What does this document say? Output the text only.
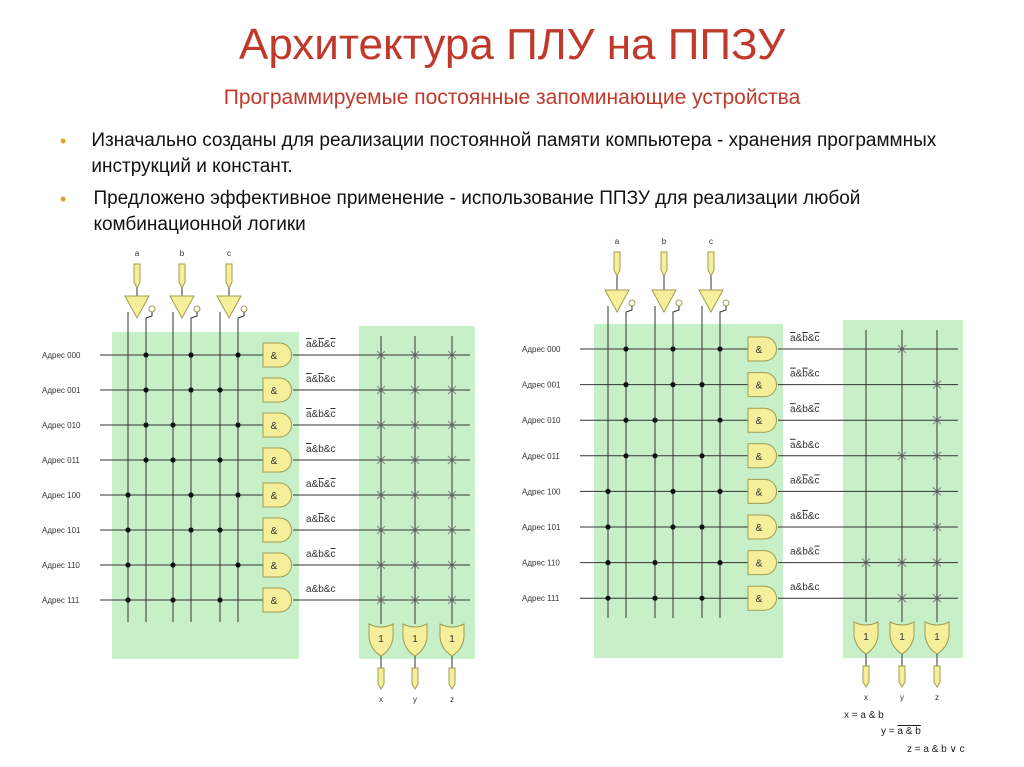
Архитектура ПЛУ на ППЗУ
Программируемые постоянные запоминающие устройства
•	Изначально созданы для реализации постоянной памяти компьютера - хранения программных инструкций и констант.
•	Предложено эффективное применение - использование ППЗУ для реализации любой комбинационной логики
a	b	c
Адрес 000	&
a&b&c
Адрес 001	&
a&b&c
Адрес 010	&
a&b&c
Адрес 011	&
a&b&c
Адрес 100	&
a&b&c
Адрес 101	&
a&b&c
Адрес 110	&
a&b&c
Адрес 111	&
a&b&c
1
x
1
y
1
z
a	b	c
Адрес 000	&
a&b&c
Адрес 001	&
a&b&c
Адрес 010	&
a&b&c
Адрес 011	&
a&b&c
Адрес 100	&
a&b&c
Адрес 101	&
a&b&c
Адрес 110	&
a&b&c
Адрес 111	&
a&b&c
1
x
1
y
1
z
x = a & b
y = a & b
z = a & b ∨ c
